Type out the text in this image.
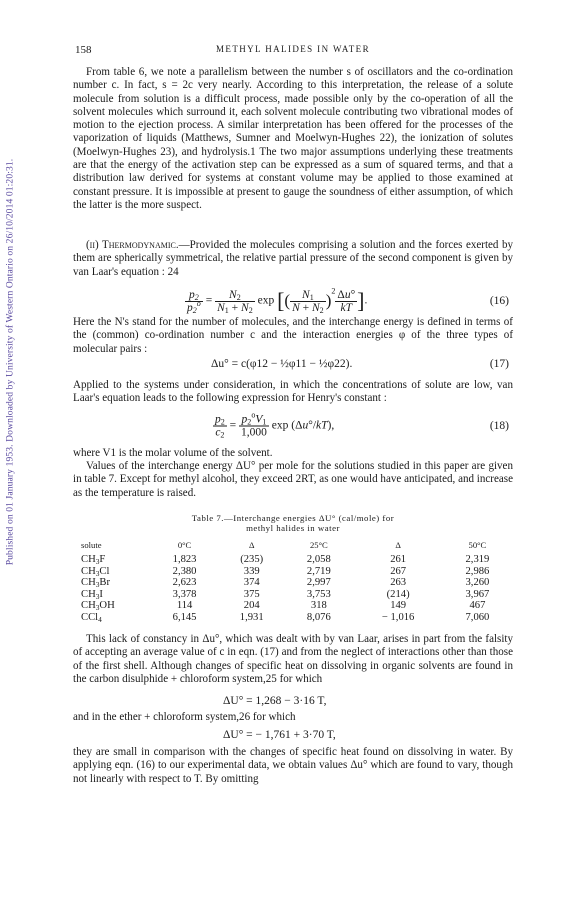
Published on 01 January 1953. Downloaded by University of Western Ontario on 26/10/2014 01:20:31.
158	METHYL HALIDES IN WATER

From table 6, we note a parallelism between the number s of oscillators and the co-ordination number c. In fact, s = 2c very nearly. According to this interpretation, the release of a solute molecule from solution is a difficult process, made possible only by the co-operation of all the solvent molecules which surround it, each solvent molecule contributing two vibrational modes of motion to the ejection process. A similar interpretation has been offered for the processes of the vaporization of liquids (Matthews, Sumner and Moelwyn-Hughes 22), the ionization of solutes (Moelwyn-Hughes 23), and hydrolysis.1 The two major assumptions underlying these treatments are that the energy of the activation step can be expressed as a sum of squared terms, and that a distribution law derived for systems at constant volume may be applied to those examined at constant pressure. It is impossible at present to gauge the soundness of either assumption, of which the latter is the more suspect.

(ii) Thermodynamic.—Provided the molecules comprising a solution and the forces exerted by them are spherically symmetrical, the relative partial pressure of the second component is given by van Laar's equation : 24

$\frac{p_2}{p_2^o} = \frac{N_2}{N_1 + N_2}$ exp [( $\frac{N_1}{N + N_2} )^2 \frac{\Delta u^\circ}{kT}$ ].	(16)

Here the N's stand for the number of molecules, and the interchange energy is defined in terms of the (common) co-ordination number c and the interaction energies φ of the three types of molecular pairs :

Δu° = c(φ12 − ½φ11 − ½φ22).	(17)

Applied to the systems under consideration, in which the concentrations of solute are low, van Laar's equation leads to the following expression for Henry's constant :

$\frac{p_2}{c_2} = \frac{p_2^oV_1}{1,000}$ exp (Δu°/kT),	(18)

where V1 is the molar volume of the solvent.

Values of the interchange energy ΔU° per mole for the solutions studied in this paper are given in table 7. Except for methyl alcohol, they exceed 2RT, as one would have anticipated, and increase as the temperature is raised.

Table 7.—Interchange energies ΔU° (cal/mole) for
methyl halides in water
solute	0°C	Δ	25°C	Δ	50°C
$CH_3F$	1,823	(235)	2,058	261	2,319
$CH_3Cl$	2,380	339	2,719	267	2,986
$CH_3Br$	2,623	374	2,997	263	3,260
$CH_3I$	3,378	375	3,753	(214)	3,967
$CH_3OH$	114	204	318	149	467
CCl$_4$	6,145	1,931	8,076	− 1,016	7,060

This lack of constancy in Δu°, which was dealt with by van Laar, arises in part from the falsity of accepting an average value of c in eqn. (17) and from the neglect of interactions other than those of the first shell. Although changes of specific heat on dissolving in organic solvents are found in the carbon disulphide + chloroform system,25 for which

ΔU° = 1,268 − 3·16 T,

and in the ether + chloroform system,26 for which

ΔU° = − 1,761 + 3·70 T,

they are small in comparison with the changes of specific heat found on dissolving in water. By applying eqn. (16) to our experimental data, we obtain values Δu° which are found to vary, though not linearly with respect to T. By omitting
